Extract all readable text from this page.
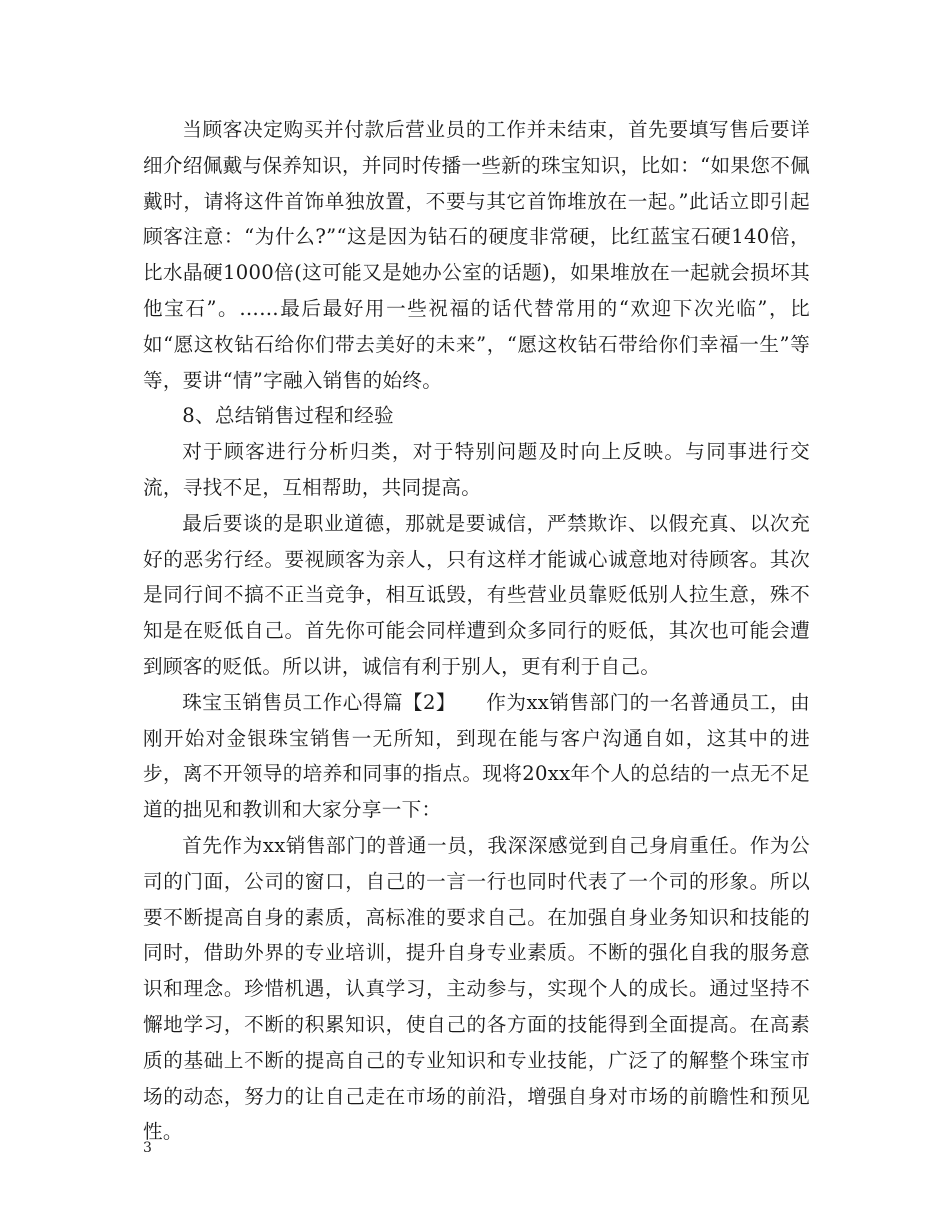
当顾客决定购买并付款后营业员的工作并未结束，首先要填写售后要详细介绍佩戴与保养知识，并同时传播一些新的珠宝知识，比如：“如果您不佩戴时，请将这件首饰单独放置，不要与其它首饰堆放在一起。”此话立即引起顾客注意：“为什么?”“这是因为钻石的硬度非常硬，比红蓝宝石硬140倍，比水晶硬1000倍(这可能又是她办公室的话题)，如果堆放在一起就会损坏其他宝石”。……最后最好用一些祝福的话代替常用的“欢迎下次光临”，比如“愿这枚钻石给你们带去美好的未来”，“愿这枚钻石带给你们幸福一生”等等，要讲“情”字融入销售的始终。

8、总结销售过程和经验

对于顾客进行分析归类，对于特别问题及时向上反映。与同事进行交流，寻找不足，互相帮助，共同提高。

最后要谈的是职业道德，那就是要诚信，严禁欺诈、以假充真、以次充好的恶劣行经。要视顾客为亲人，只有这样才能诚心诚意地对待顾客。其次是同行间不搞不正当竞争，相互诋毁，有些营业员靠贬低别人拉生意，殊不知是在贬低自己。首先你可能会同样遭到众多同行的贬低，其次也可能会遭到顾客的贬低。所以讲，诚信有利于别人，更有利于自己。

珠宝玉销售员工作心得篇【2】　　作为xx销售部门的一名普通员工，由刚开始对金银珠宝销售一无所知，到现在能与客户沟通自如，这其中的进步，离不开领导的培养和同事的指点。现将20xx年个人的总结的一点无不足道的拙见和教训和大家分享一下：

首先作为xx销售部门的普通一员，我深深感觉到自己身肩重任。作为公司的门面，公司的窗口，自己的一言一行也同时代表了一个司的形象。所以要不断提高自身的素质，高标准的要求自己。在加强自身业务知识和技能的同时，借助外界的专业培训，提升自身专业素质。不断的强化自我的服务意识和理念。珍惜机遇，认真学习，主动参与，实现个人的成长。通过坚持不懈地学习，不断的积累知识，使自己的各方面的技能得到全面提高。在高素质的基础上不断的提高自己的专业知识和专业技能，广泛了的解整个珠宝市场的动态，努力的让自己走在市场的前沿，增强自身对市场的前瞻性和预见性。

3
